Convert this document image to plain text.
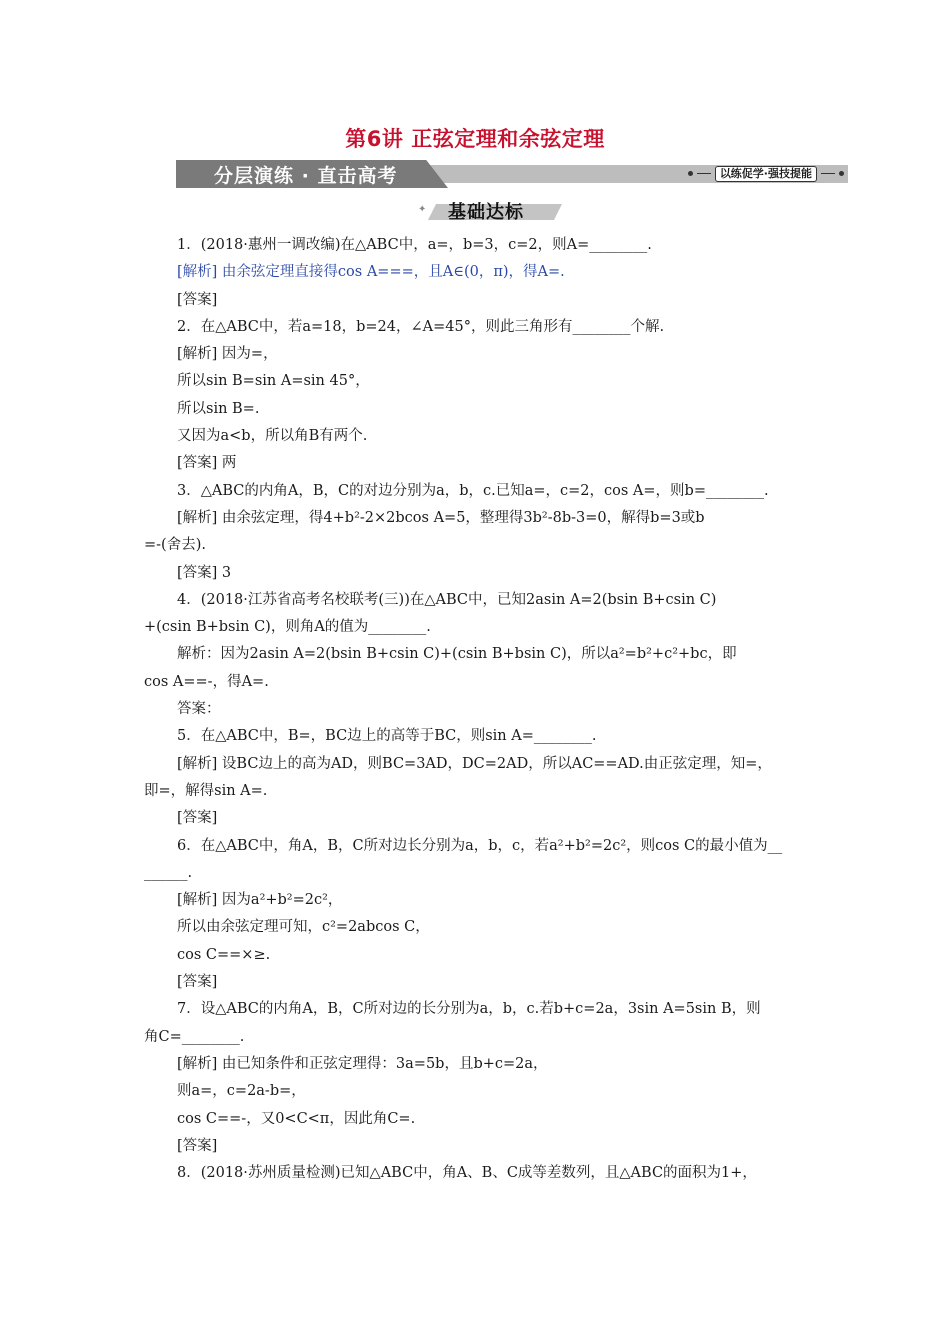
第6讲 正弦定理和余弦定理
分层演练 · 直击高考	以练促学·强技提能
✦ 基础达标

1．(2018·惠州一调改编)在△ABC中，a=，b=3，c=2，则A=________.

[解析] 由余弦定理直接得cos A===，且A∈(0，π)，得A=.

[答案]

2．在△ABC中，若a=18，b=24，∠A=45°，则此三角形有________个解.

[解析] 因为=，

所以sin B=sin A=sin 45°，

所以sin B=.

又因为a<b，所以角B有两个.

[答案] 两

3．△ABC的内角A，B，C的对边分别为a，b，c.已知a=，c=2，cos A=，则b=________.

[解析] 由余弦定理，得4+b²-2×2bcos A=5，整理得3b²-8b-3=0，解得b=3或b

=-(舍去).

[答案] 3

4．(2018·江苏省高考名校联考(三))在△ABC中，已知2asin A=2(bsin B+csin C)

+(csin B+bsin C)，则角A的值为________.

解析：因为2asin A=2(bsin B+csin C)+(csin B+bsin C)，所以a²=b²+c²+bc，即

cos A==-，得A=.

答案：

5．在△ABC中，B=，BC边上的高等于BC，则sin A=________.

[解析] 设BC边上的高为AD，则BC=3AD，DC=2AD，所以AC==AD.由正弦定理，知=，

即=，解得sin A=.

[答案]

6．在△ABC中，角A，B，C所对边长分别为a，b，c，若a²+b²=2c²，则cos C的最小值为__

______.

[解析] 因为a²+b²=2c²，

所以由余弦定理可知，c²=2abcos C，

cos C==×≥.

[答案]

7．设△ABC的内角A，B，C所对边的长分别为a，b，c.若b+c=2a，3sin A=5sin B，则

角C=________.

[解析] 由已知条件和正弦定理得：3a=5b，且b+c=2a，

则a=，c=2a-b=，

cos C==-，又0<C<π，因此角C=.

[答案]

8．(2018·苏州质量检测)已知△ABC中，角A、B、C成等差数列，且△ABC的面积为1+，
